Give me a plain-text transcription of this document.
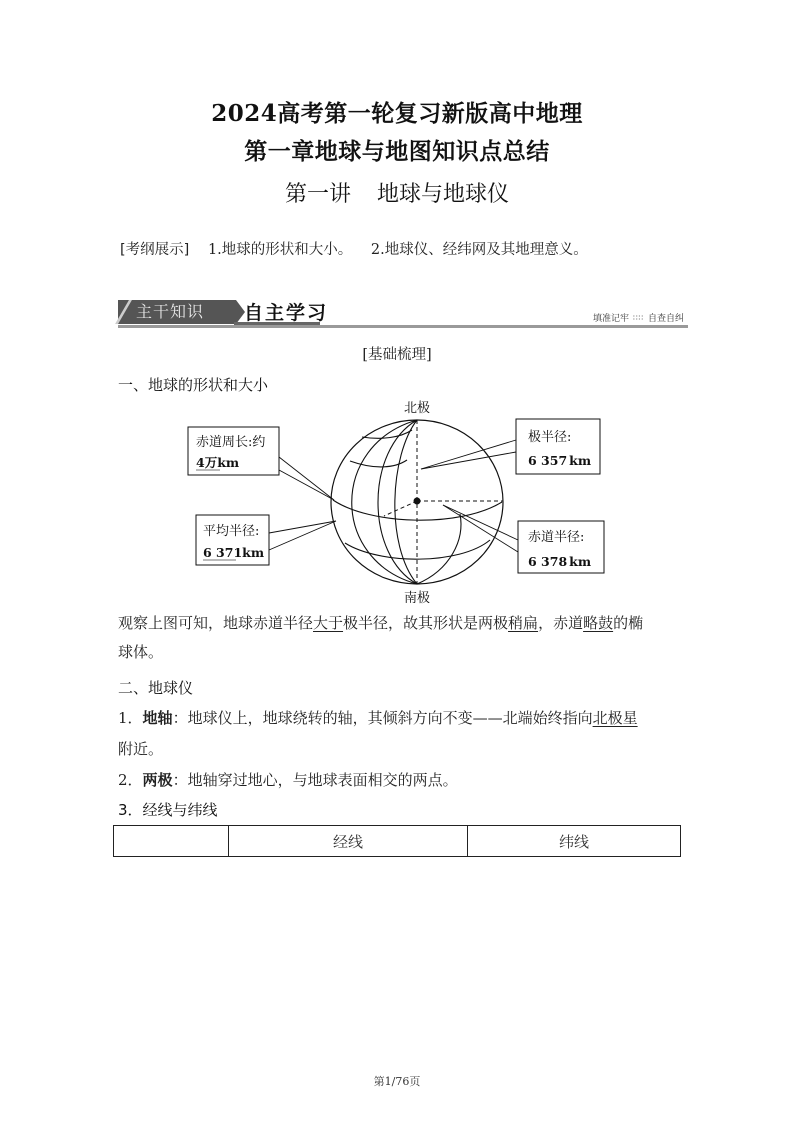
2024高考第一轮复习新版高中地理
第一章地球与地图知识点总结
第一讲 地球与地球仪
[考纲展示] 1.地球的形状和大小。 2.地球仪、经纬网及其地理意义。
主干知识	自主学习	填准记牢 ∷∷ 自查自纠
[基础梳理]
一、地球的形状和大小
北极
南极
赤道周长:约
4万km
平均半径:
6 371km
极半径:
6 357 km
赤道半径:
6 378 km
观察上图可知，地球赤道半径大于极半径，故其形状是两极稍扁，赤道略鼓的椭
球体。
二、地球仪
1．地轴：地球仪上，地球绕转的轴，其倾斜方向不变——北端始终指向北极星
附近。
2．两极：地轴穿过地心，与地球表面相交的两点。
3．经线与纬线
	经线	纬线
第1/76页
